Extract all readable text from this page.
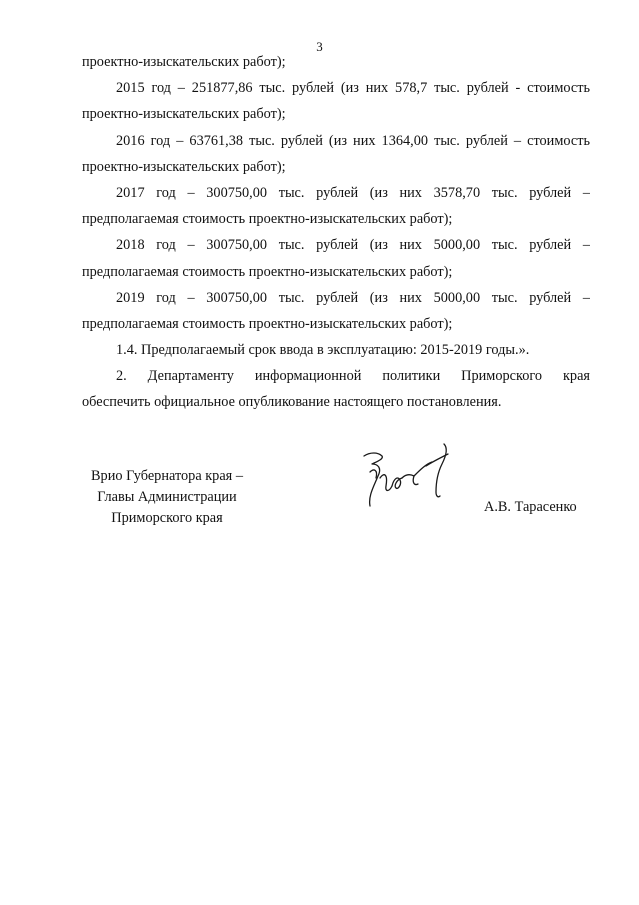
3
проектно-изыскательских работ);
2015 год – 251877,86 тыс. рублей (из них 578,7 тыс. рублей - стоимость
проектно-изыскательских работ);
2016 год – 63761,38 тыс. рублей (из них 1364,00 тыс. рублей – стоимость
проектно-изыскательских работ);
2017 год – 300750,00 тыс. рублей (из них 3578,70 тыс. рублей –
предполагаемая стоимость проектно-изыскательских работ);
2018 год – 300750,00 тыс. рублей (из них 5000,00 тыс. рублей –
предполагаемая стоимость проектно-изыскательских работ);
2019 год – 300750,00 тыс. рублей (из них 5000,00 тыс. рублей –
предполагаемая стоимость проектно-изыскательских работ);
1.4. Предполагаемый срок ввода в эксплуатацию: 2015-2019 годы.».
2. Департаменту информационной политики Приморского края
обеспечить официальное опубликование настоящего постановления.
Врио Губернатора края –
Главы Администрации
Приморского края
А.В. Тарасенко
